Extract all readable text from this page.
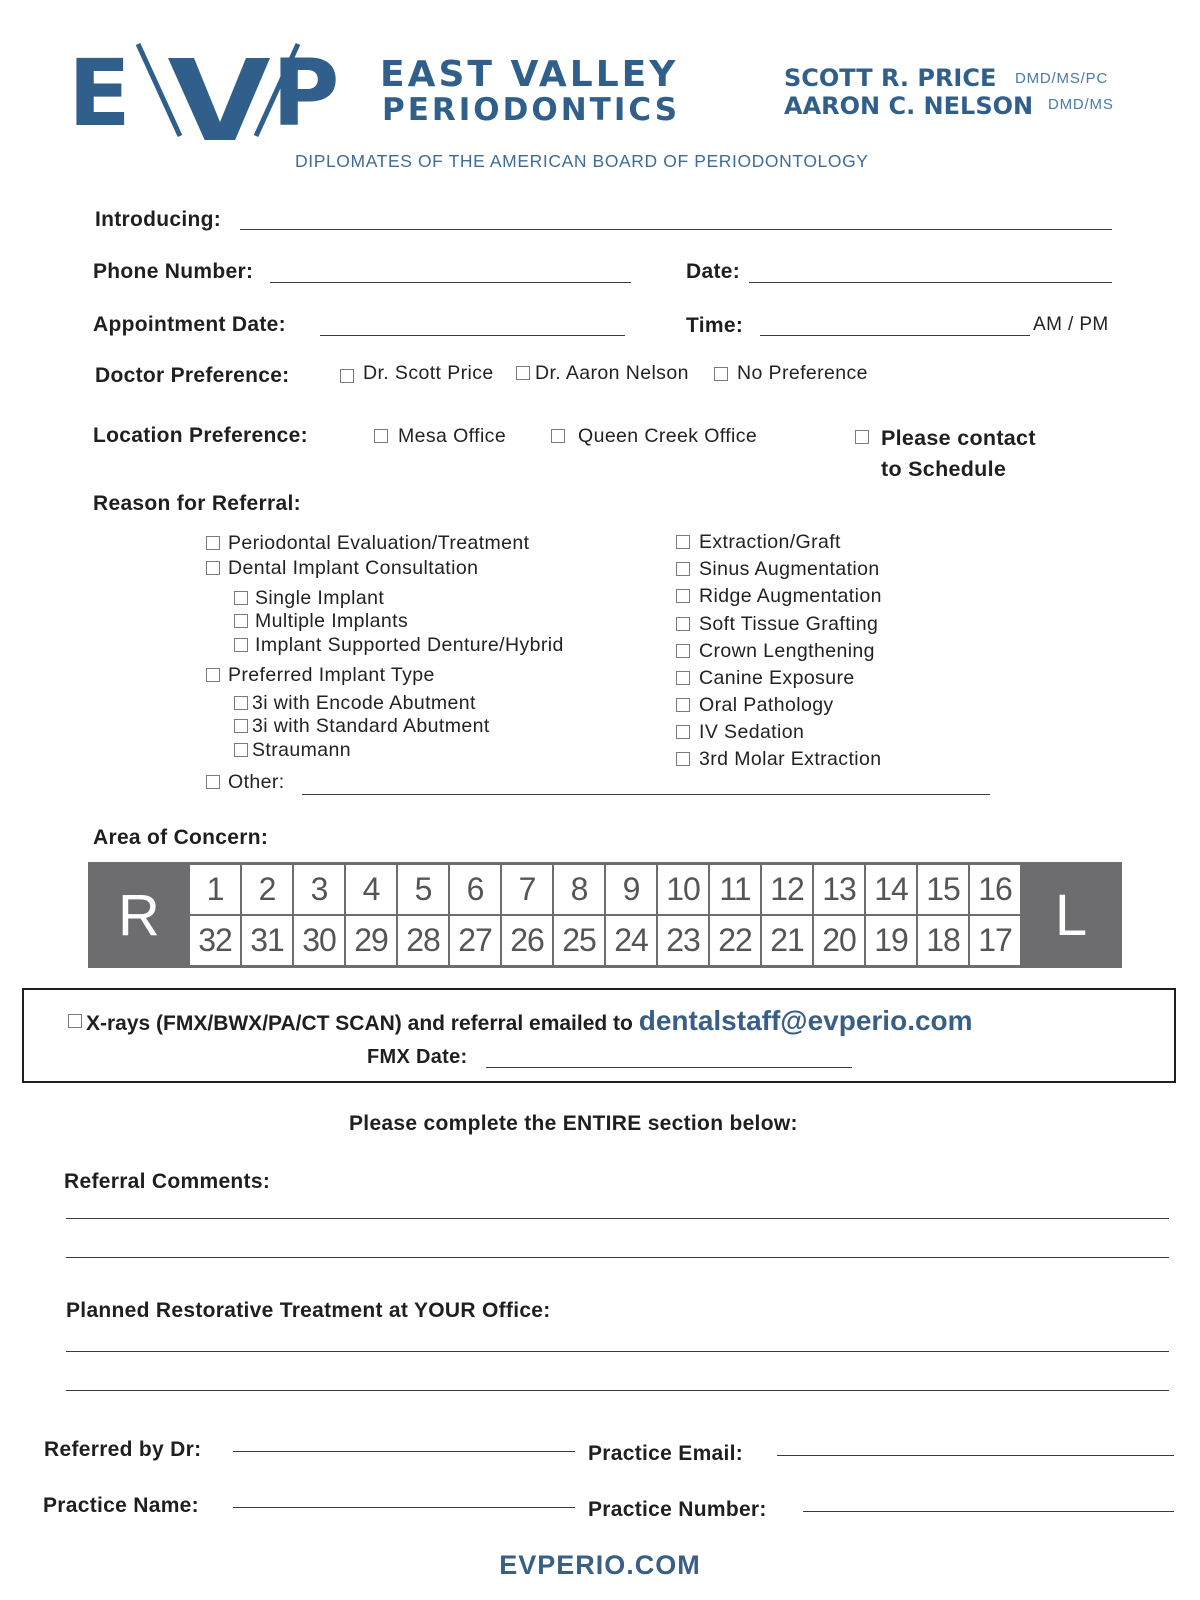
E P EAST VALLEY
PERIODONTICS
SCOTT R. PRICE DMD/MS/PC
AARON C. NELSON DMD/MS
DIPLOMATES OF THE AMERICAN BOARD OF PERIODONTOLOGY
Introducing:
Phone Number:	Date:
Appointment Date:	Time:	AM / PM
Doctor Preference:	Dr. Scott Price Dr. Aaron Nelson No Preference
Location Preference:	Mesa Office	Queen Creek Office	Please contact
to Schedule
Reason for Referral:
Periodontal Evaluation/Treatment
Dental Implant Consultation
Single Implant
Multiple Implants
Implant Supported Denture/Hybrid
Preferred Implant Type
3i with Encode Abutment
3i with Standard Abutment
Straumann
Other:
Extraction/Graft
Sinus Augmentation
Ridge Augmentation
Soft Tissue Grafting
Crown Lengthening
Canine Exposure
Oral Pathology
IV Sedation
3rd Molar Extraction
Area of Concern:
R	1	2	3	4	5	6	7	8	9 10 11 12 13 14 15 16
32 31 30 29 28 27 26 25 24 23 22 21 20 19 18 17 L
X-rays (FMX/BWX/PA/CT SCAN) and referral emailed to dentalstaff@evperio.com
FMX Date:
Please complete the ENTIRE section below:
Referral Comments:
Planned Restorative Treatment at YOUR Office:
Referred by Dr:	Practice Email:
Practice Name:	Practice Number:
EVPERIO.COM
